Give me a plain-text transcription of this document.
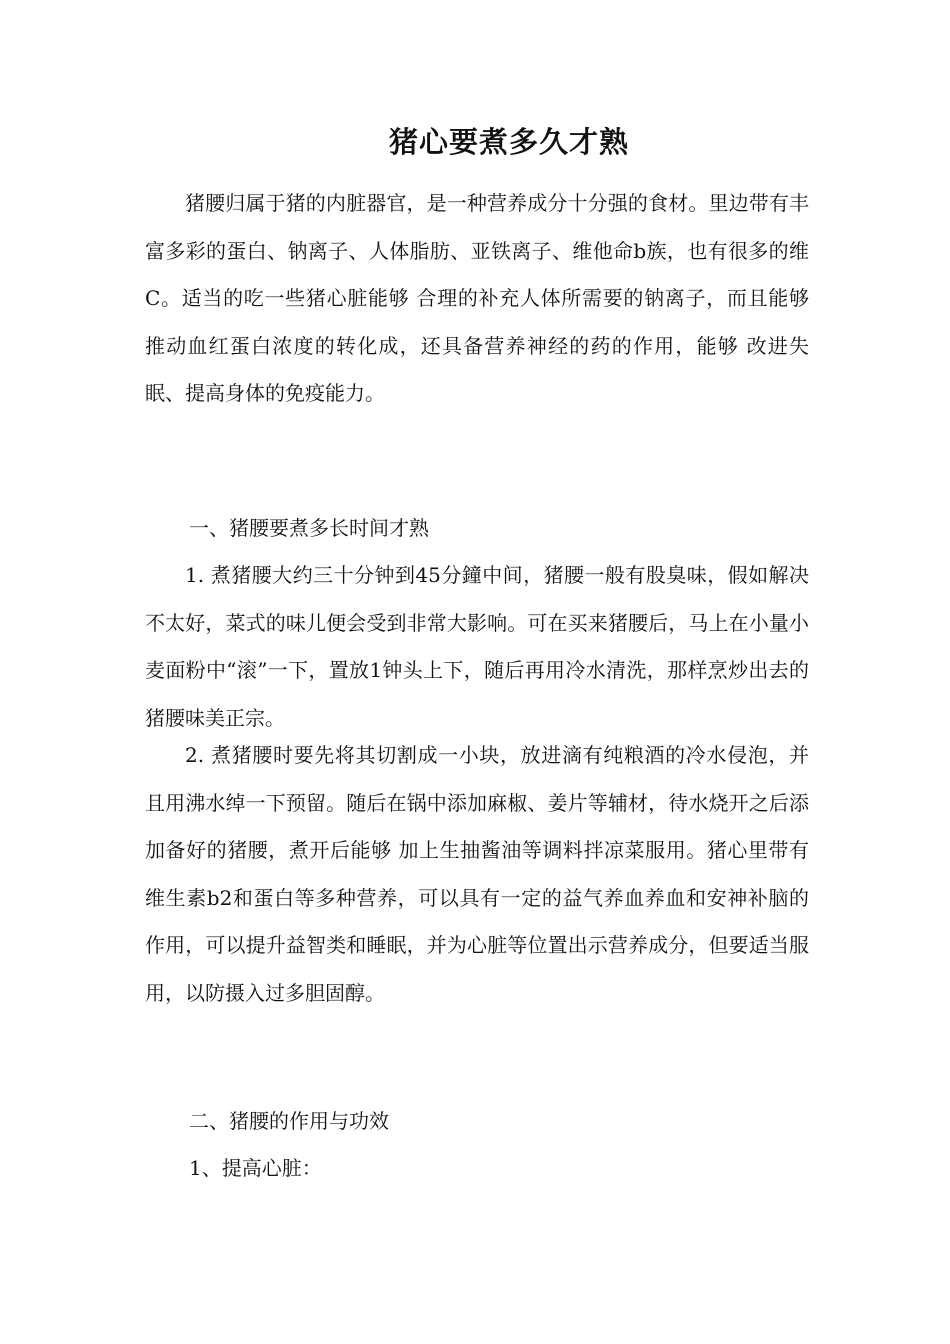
猪心要煮多久才熟

猪腰归属于猪的内脏器官，是一种营养成分十分强的食材。里边带有丰富多彩的蛋白、钠离子、人体脂肪、亚铁离子、维他命b族，也有很多的维C。适当的吃一些猪心脏能够 合理的补充人体所需要的钠离子，而且能够 推动血红蛋白浓度的转化成，还具备营养神经的药的作用，能够 改进失眠、提高身体的免疫能力。

一、猪腰要煮多长时间才熟

1. 煮猪腰大约三十分钟到45分鐘中间，猪腰一般有股臭味，假如解决不太好，菜式的味儿便会受到非常大影响。可在买来猪腰后，马上在小量小麦面粉中“滚”一下，置放1钟头上下，随后再用冷水清洗，那样烹炒出去的猪腰味美正宗。

2. 煮猪腰时要先将其切割成一小块，放进滴有纯粮酒的冷水侵泡，并且用沸水绰一下预留。随后在锅中添加麻椒、姜片等辅材，待水烧开之后添加备好的猪腰，煮开后能够 加上生抽酱油等调料拌凉菜服用。猪心里带有维生素b2和蛋白等多种营养，可以具有一定的益气养血养血和安神补脑的作用，可以提升益智类和睡眠，并为心脏等位置出示营养成分，但要适当服用，以防摄入过多胆固醇。

二、猪腰的作用与功效

1、提高心脏：
